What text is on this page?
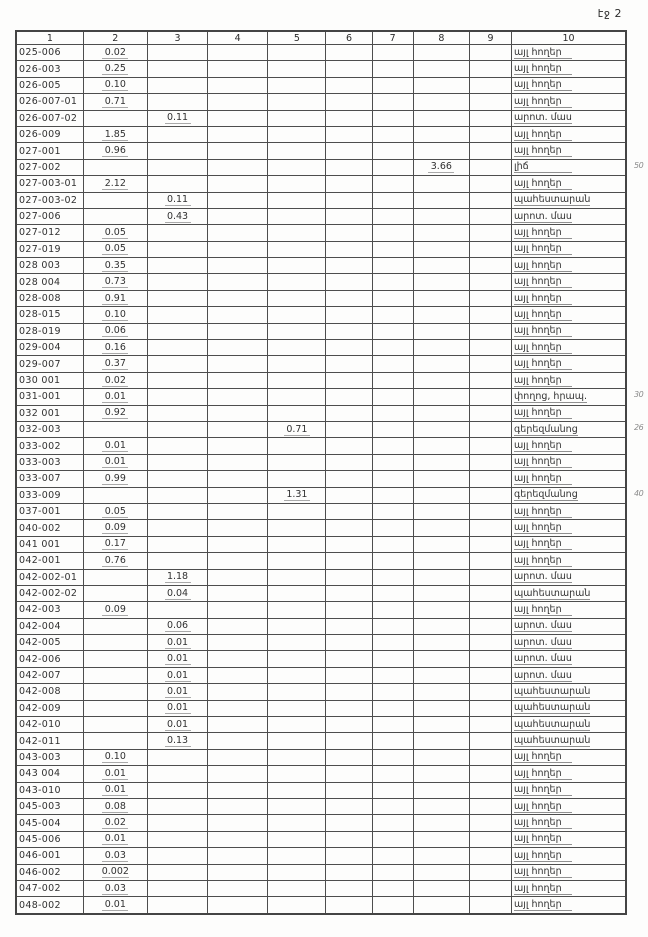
էջ 2
1	2	3	4	5	6	7	8	9	10
025-006	0.02								այլ հողեր
026-003	0.25								այլ հողեր
026-005	0.10								այլ հողեր
026-007-01	0.71								այլ հողեր
026-007-02		0.11							արոտ. մաս
026-009	1.85								այլ հողեր
027-001	0.96								այլ հողեր
027-002							3.66		լիճ 50

027-003-01	2.12								այլ հողեր
027-003-02		0.11							պահեստարան
027-006		0.43							արոտ. մաս
027-012	0.05								այլ հողեր
027-019	0.05								այլ հողեր
028 003	0.35								այլ հողեր
028 004	0.73								այլ հողեր
028-008	0.91								այլ հողեր
028-015	0.10								այլ հողեր
028-019	0.06								այլ հողեր
029-004	0.16								այլ հողեր
029-007	0.37								այլ հողեր
030 001	0.02								այլ հողեր
031-001	0.01								փողոց, հրապ. 30

032 001	0.92								այլ հողեր
032-003				0.71					գերեզմանոց 26

033-002	0.01								այլ հողեր
033-003	0.01								այլ հողեր
033-007	0.99								այլ հողեր
033-009				1.31					գերեզմանոց 40

037-001	0.05								այլ հողեր
040-002	0.09								այլ հողեր
041 001	0.17								այլ հողեր
042-001	0.76								այլ հողեր
042-002-01		1.18							արոտ. մաս
042-002-02		0.04							պահեստարան
042-003	0.09								այլ հողեր
042-004		0.06							արոտ. մաս
042-005		0.01							արոտ. մաս
042-006		0.01							արոտ. մաս
042-007		0.01							արոտ. մաս
042-008		0.01							պահեստարան
042-009		0.01							պահեստարան
042-010		0.01							պահեստարան
042-011		0.13							պահեստարան
043-003	0.10								այլ հողեր
043 004	0.01								այլ հողեր
043-010	0.01								այլ հողեր
045-003	0.08								այլ հողեր
045-004	0.02								այլ հողեր
045-006	0.01								այլ հողեր
046-001	0.03								այլ հողեր
046-002	0.002								այլ հողեր
047-002	0.03								այլ հողեր
048-002	0.01								այլ հողեր
